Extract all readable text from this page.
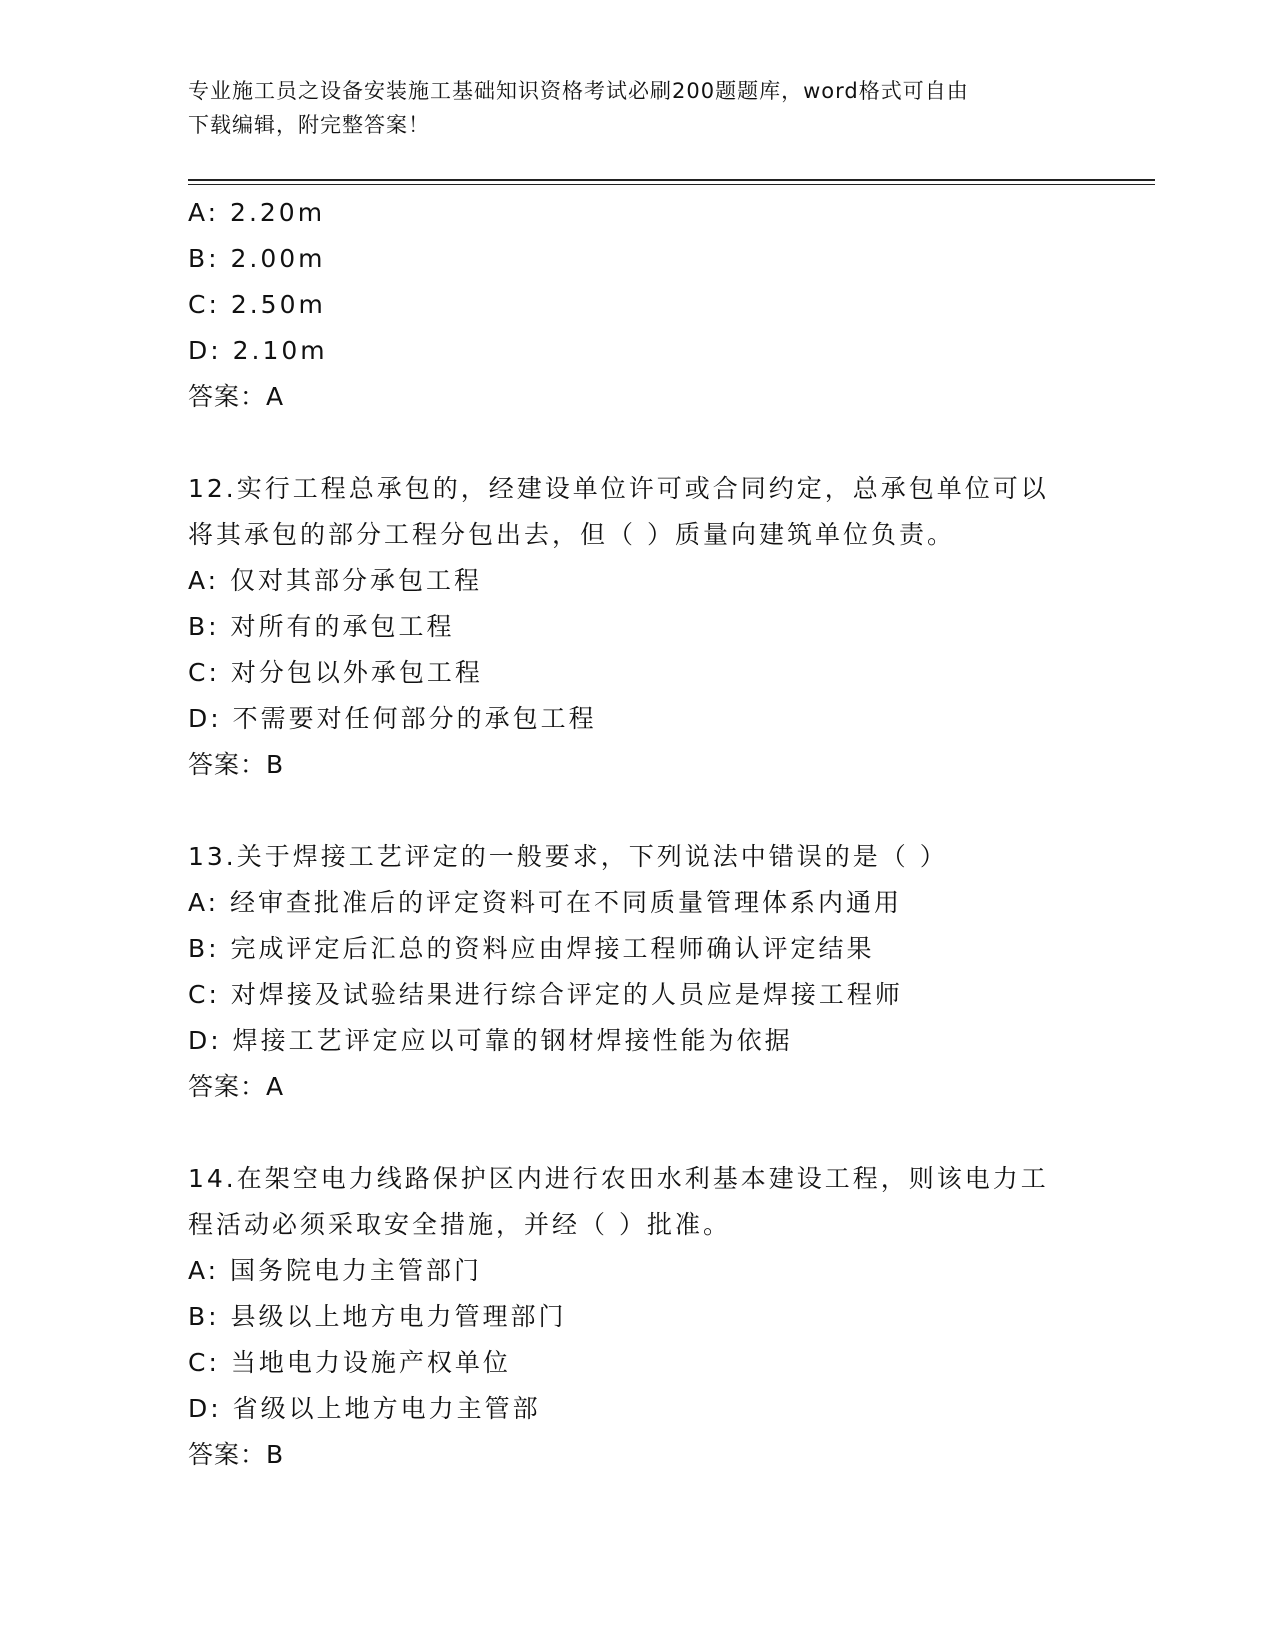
专业施工员之设备安装施工基础知识资格考试必刷200题题库，word格式可自由
下载编辑，附完整答案！
A: 2.20m
B: 2.00m
C: 2.50m
D: 2.10m
答案：A
12.实行工程总承包的，经建设单位许可或合同约定，总承包单位可以
将其承包的部分工程分包出去，但（ ）质量向建筑单位负责。
A: 仅对其部分承包工程
B: 对所有的承包工程
C: 对分包以外承包工程
D: 不需要对任何部分的承包工程
答案：B
13.关于焊接工艺评定的一般要求，下列说法中错误的是（ ）
A: 经审查批准后的评定资料可在不同质量管理体系内通用
B: 完成评定后汇总的资料应由焊接工程师确认评定结果
C: 对焊接及试验结果进行综合评定的人员应是焊接工程师
D: 焊接工艺评定应以可靠的钢材焊接性能为依据
答案：A
14.在架空电力线路保护区内进行农田水利基本建设工程，则该电力工
程活动必须采取安全措施，并经（ ）批准。
A: 国务院电力主管部门
B: 县级以上地方电力管理部门
C: 当地电力设施产权单位
D: 省级以上地方电力主管部
答案：B
